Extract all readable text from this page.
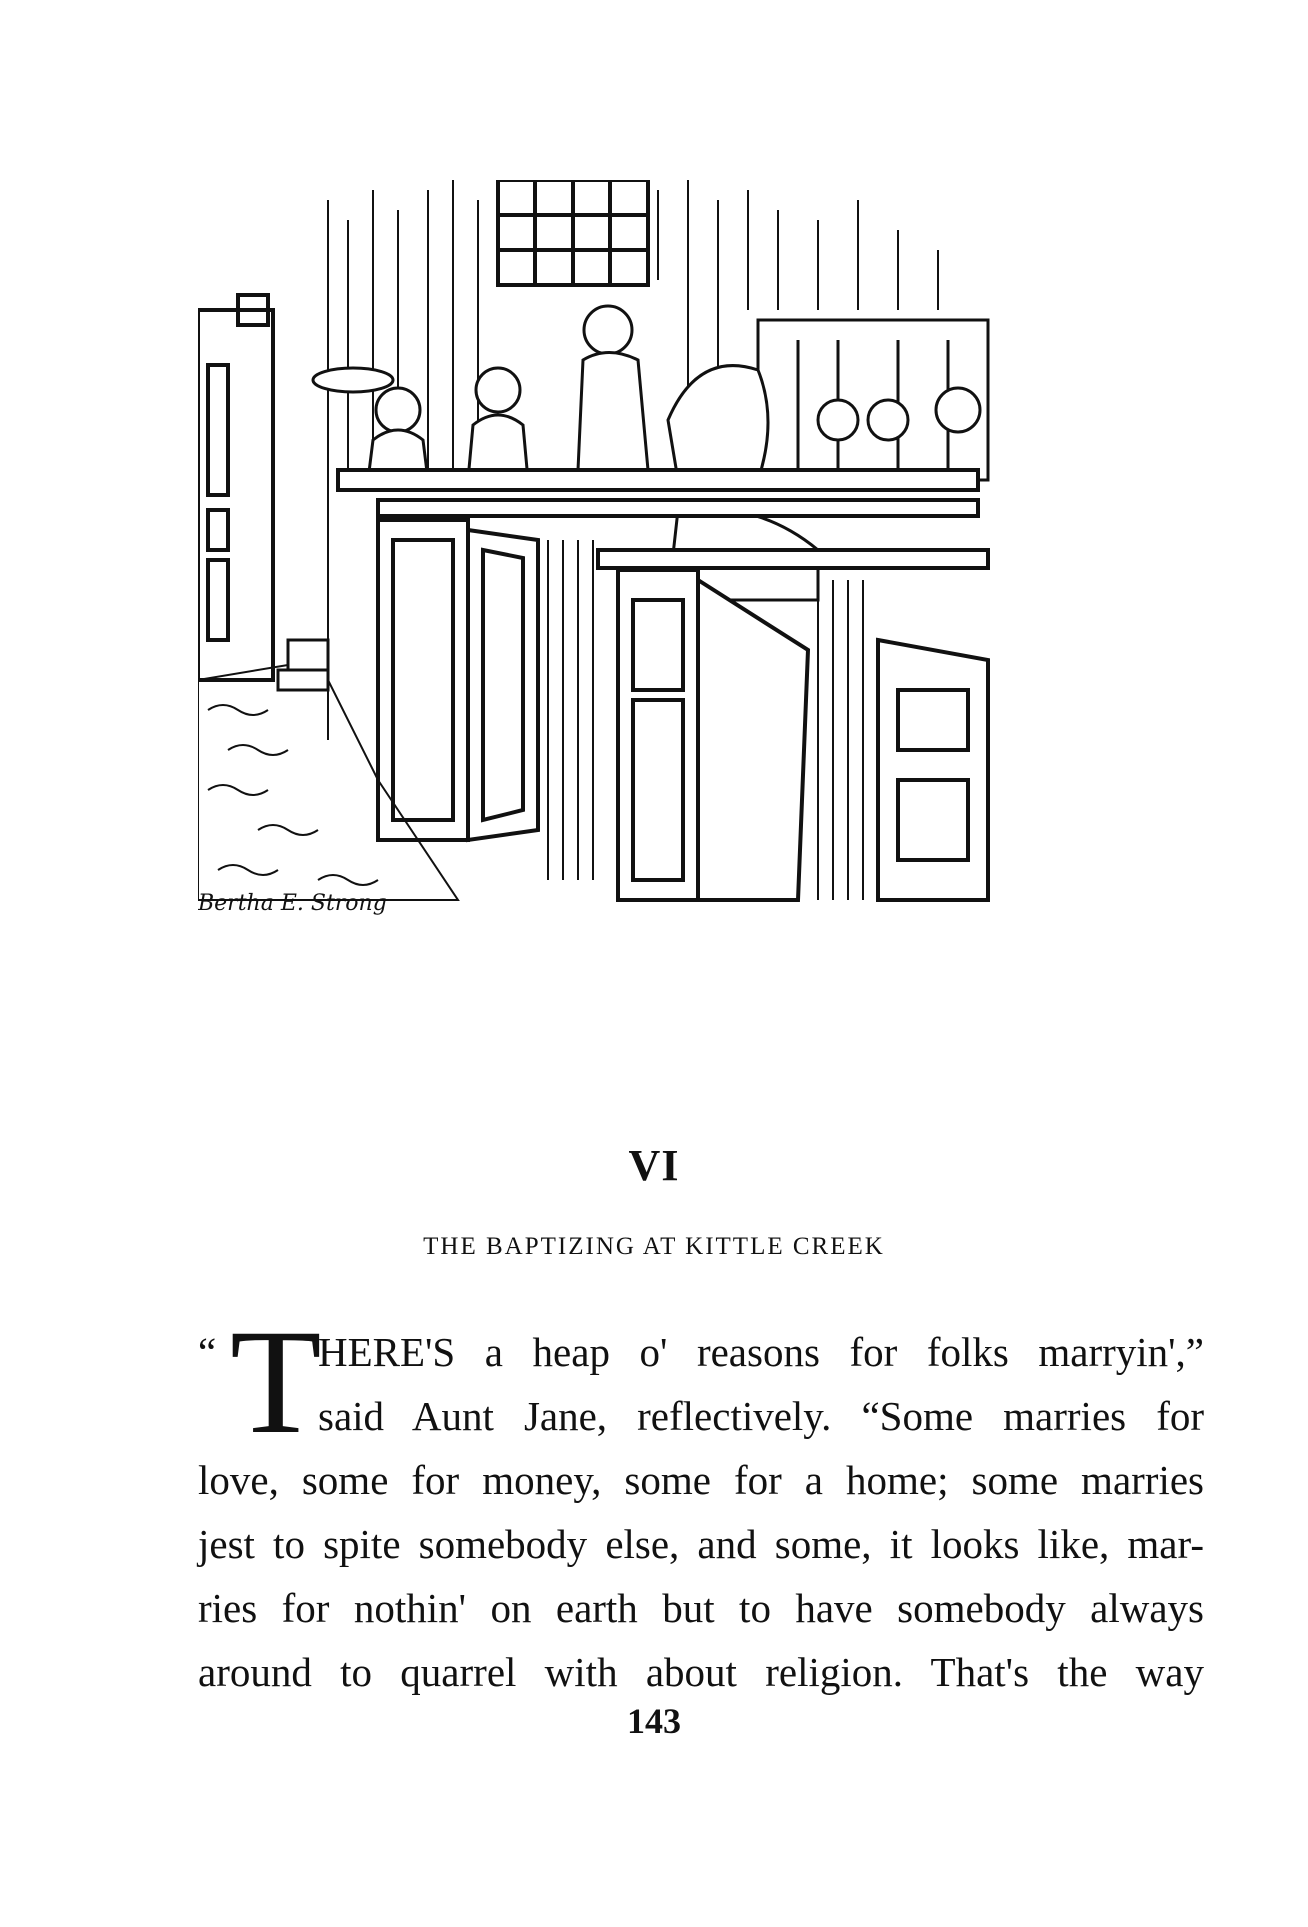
Bertha E. Strong
VI
THE BAPTIZING AT KITTLE CREEK
“ T
HERE'S a heap o' reasons for folks marryin',”
said Aunt Jane, reflectively. “Some marries for
love, some for money, some for a home; some marries
jest to spite somebody else, and some, it looks like, mar-
ries for nothin' on earth but to have somebody always
around to quarrel with about religion. That's the way
143
